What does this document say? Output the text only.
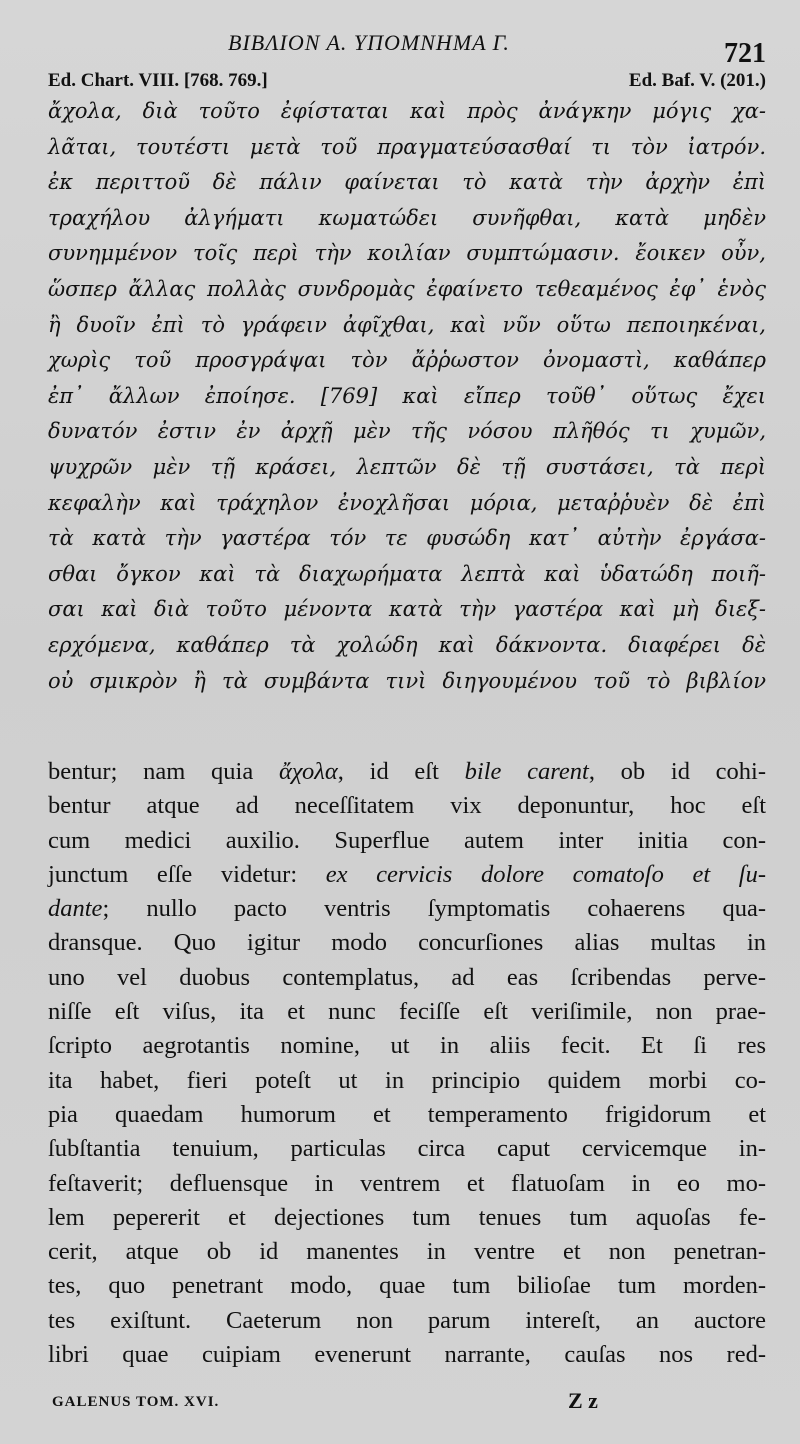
ΒΙΒΛΙΟΝ Α. ΥΠΟΜΝΗΜΑ Γ.	721
Ed. Chart. VIII. [768. 769.]	Ed. Baf. V. (201.)
ἄχολα, διὰ τοῦτο ἐφίσταται καὶ πρὸς ἀνάγκην μόγις χα-
λᾶται, τουτέστι μετὰ τοῦ πραγματεύσασθαί τι τὸν ἰατρόν.
ἐκ περιττοῦ δὲ πάλιν φαίνεται τὸ κατὰ τὴν ἀρχὴν ἐπὶ
τραχήλου ἀλγήματι κωματώδει συνῆφθαι, κατὰ μηδὲν
συνημμένον τοῖς περὶ τὴν κοιλίαν συμπτώμασιν. ἔοικεν οὖν,
ὥσπερ ἄλλας πολλὰς συνδρομὰς ἐφαίνετο τεθεαμένος ἐφ᾽ ἑνὸς
ἢ δυοῖν ἐπὶ τὸ γράφειν ἀφῖχθαι, καὶ νῦν οὕτω πεποιηκέναι,
χωρὶς τοῦ προσγράψαι τὸν ἄῤῥωστον ὀνομαστὶ, καθάπερ
ἐπ᾽ ἄλλων ἐποίησε. [769] καὶ εἴπερ τοῦθ᾽ οὕτως ἔχει
δυνατόν ἐστιν ἐν ἀρχῇ μὲν τῆς νόσου πλῆθός τι χυμῶν,
ψυχρῶν μὲν τῇ κράσει, λεπτῶν δὲ τῇ συστάσει, τὰ περὶ
κεφαλὴν καὶ τράχηλον ἐνοχλῆσαι μόρια, μεταῤῥυὲν δὲ ἐπὶ
τὰ κατὰ τὴν γαστέρα τόν τε φυσώδη κατ᾽ αὐτὴν ἐργάσα-
σθαι ὄγκον καὶ τὰ διαχωρήματα λεπτὰ καὶ ὑδατώδη ποιῆ-
σαι καὶ διὰ τοῦτο μένοντα κατὰ τὴν γαστέρα καὶ μὴ διεξ-
ερχόμενα, καθάπερ τὰ χολώδη καὶ δάκνοντα. διαφέρει δὲ
οὐ σμικρὸν ἢ τὰ συμβάντα τινὶ διηγουμένου τοῦ τὸ βιβλίον
bentur; nam quia ἄχολα, id eſt bile carent, ob id cohi-
bentur atque ad neceſſitatem vix deponuntur, hoc eſt
cum medici auxilio. Superflue autem inter initia con-
junctum eſſe videtur: ex cervicis dolore comatoſo et ſu-
dante; nullo pacto ventris ſymptomatis cohaerens qua-
dransque. Quo igitur modo concurſiones alias multas in
uno vel duobus contemplatus, ad eas ſcribendas perve-
niſſe eſt viſus, ita et nunc feciſſe eſt veriſimile, non prae-
ſcripto aegrotantis nomine, ut in aliis fecit. Et ſi res
ita habet, fieri poteſt ut in principio quidem morbi co-
pia quaedam humorum et temperamento frigidorum et
ſubſtantia tenuium, particulas circa caput cervicemque in-
feſtaverit; defluensque in ventrem et flatuoſam in eo mo-
lem pepererit et dejectiones tum tenues tum aquoſas fe-
cerit, atque ob id manentes in ventre et non penetran-
tes, quo penetrant modo, quae tum bilioſae tum morden-
tes exiſtunt. Caeterum non parum intereſt, an auctore
libri quae cuipiam evenerunt narrante, cauſas nos red-
GALENUS TOM. XVI.	Z z
